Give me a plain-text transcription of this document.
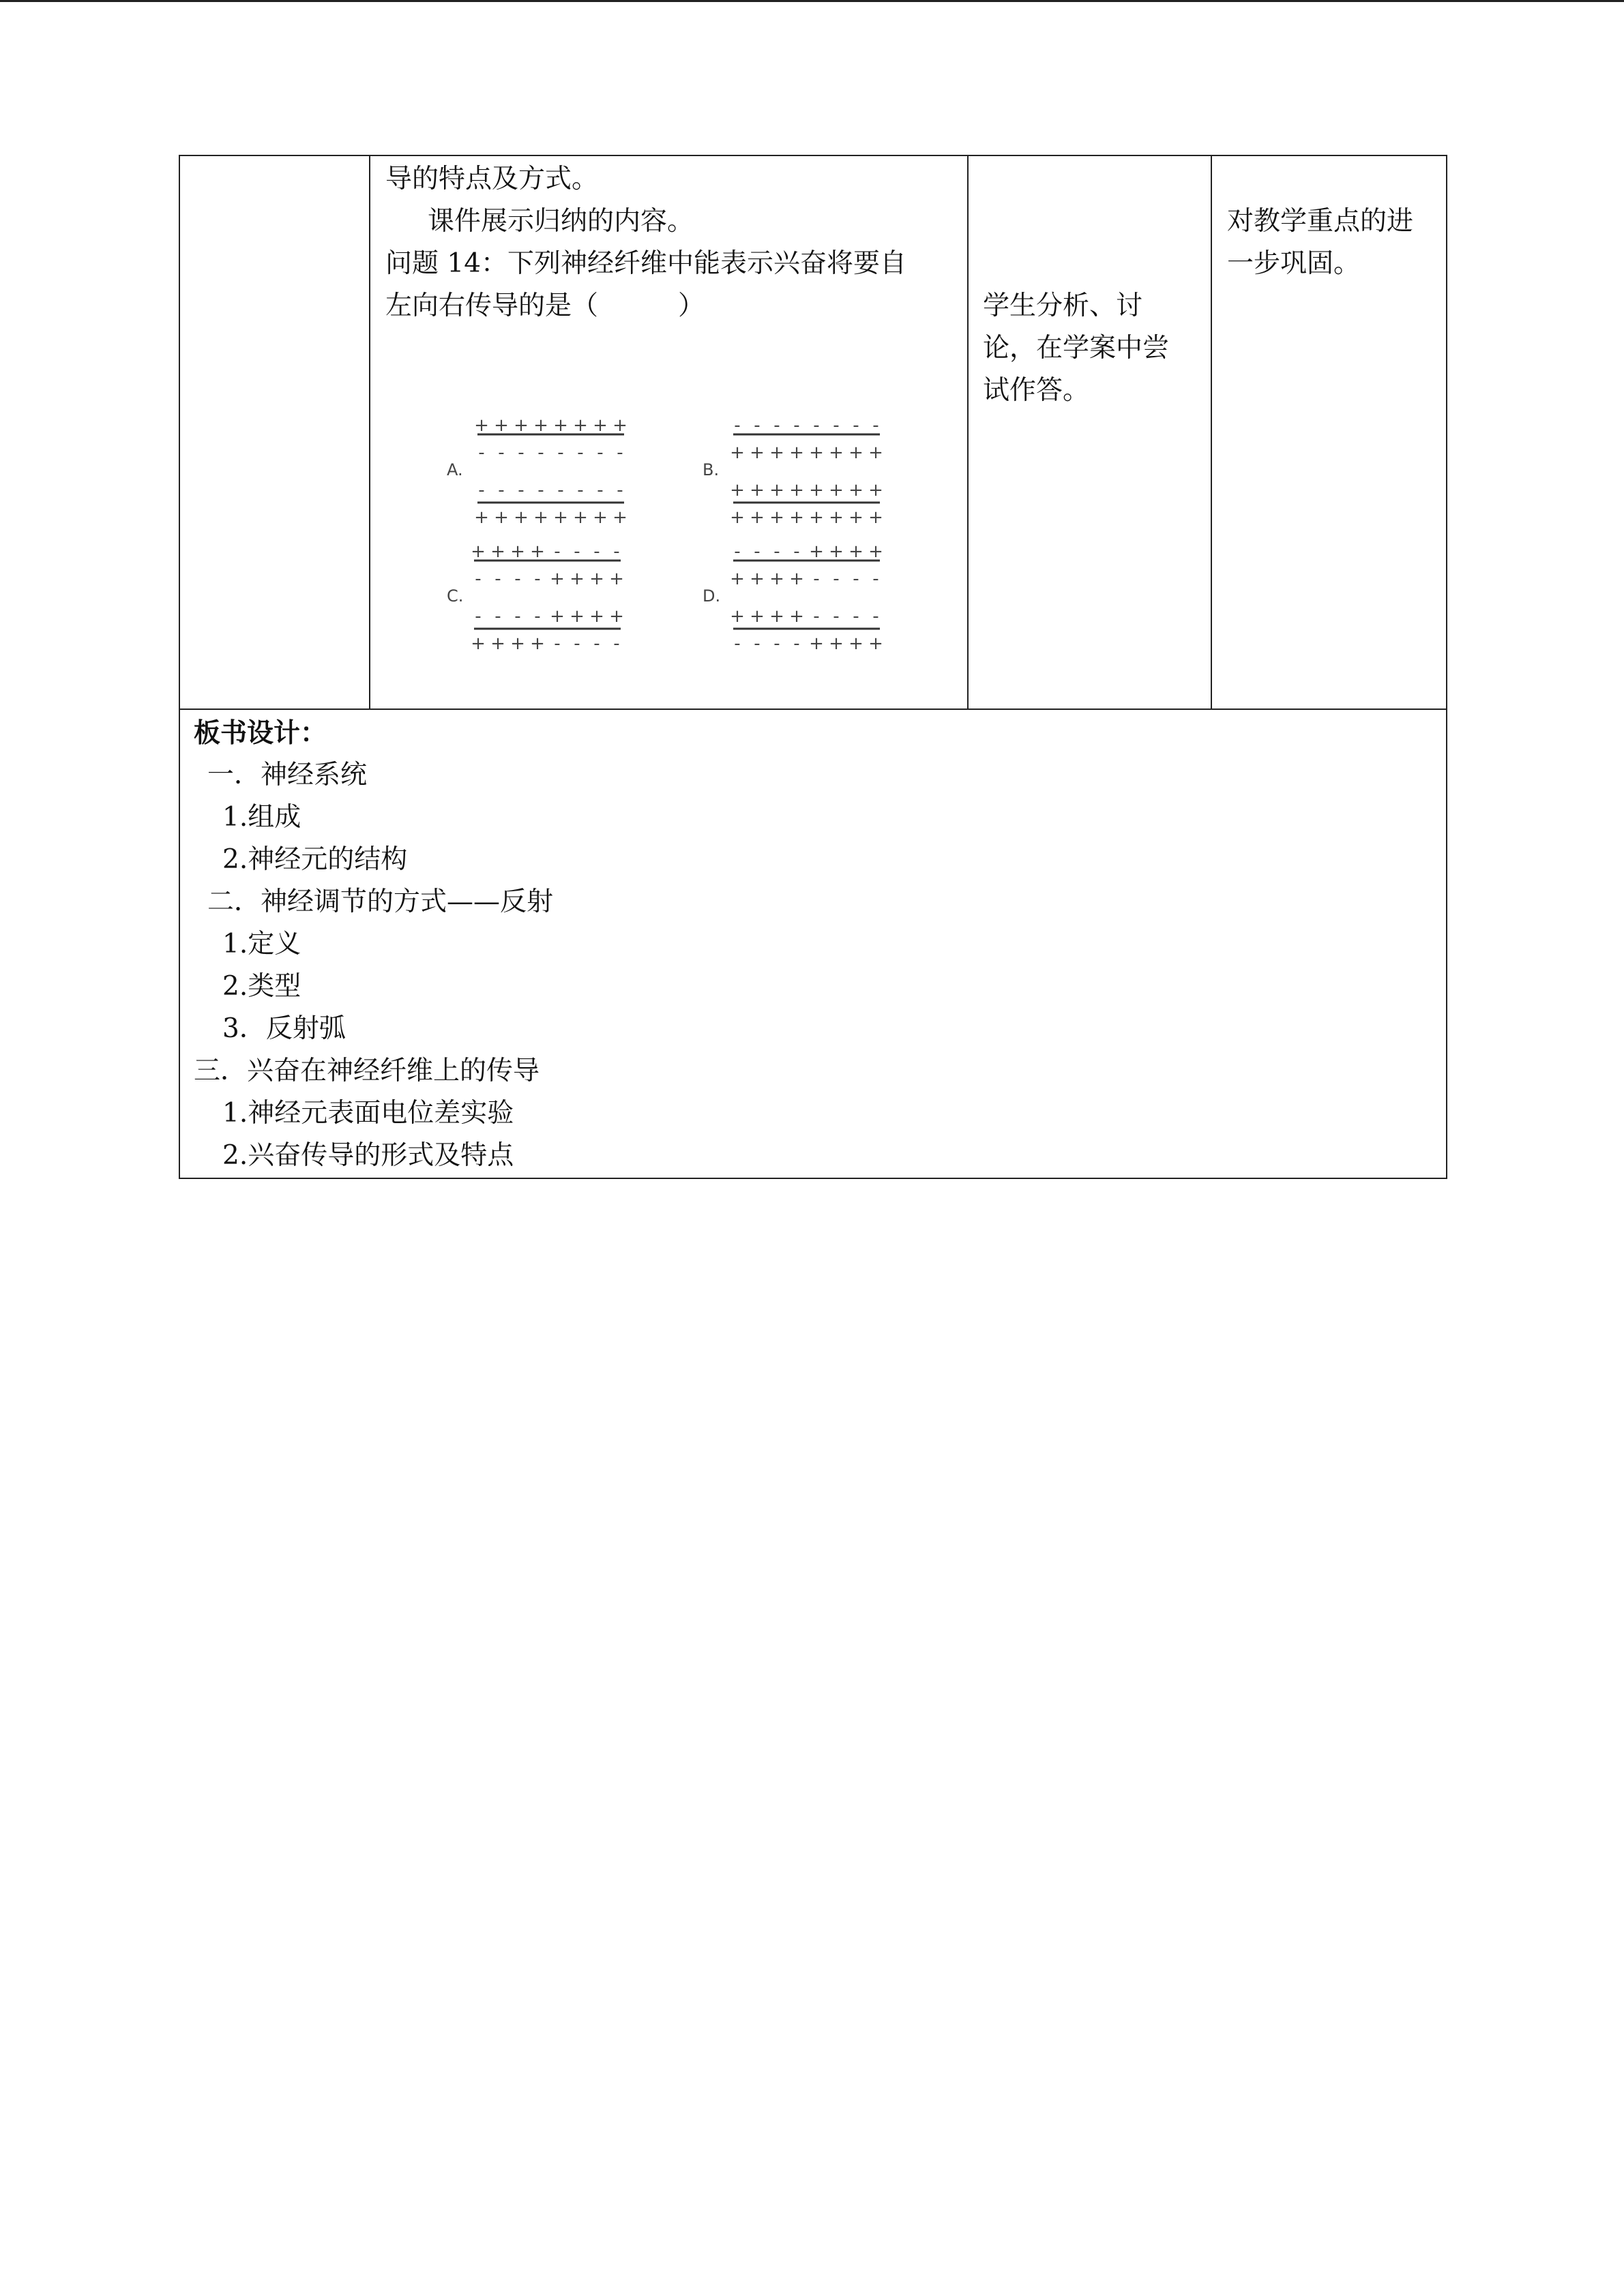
导的特点及方式。
课件展示归纳的内容。
问题 14：下列神经纤维中能表示兴奋将要自
左向右传导的是（　　　）
+ + + + + + + +
- - - - - - - -
- - - - - - - -
+ + + + + + + +
A.
- - - - - - - -
+ + + + + + + +
+ + + + + + + +
+ + + + + + + +
B.
+ + + + - - - -
- - - - + + + +
- - - - + + + +
+ + + + - - - -
C.
- - - - + + + +
+ + + + - - - -
+ + + + - - - -
- - - - + + + +
D.
学生分析、讨
论，在学案中尝
试作答。
对教学重点的进
一步巩固。
板书设计：
一．神经系统
1.组成
2.神经元的结构
二．神经调节的方式——反射
1.定义
2.类型
3．反射弧
三．兴奋在神经纤维上的传导
1.神经元表面电位差实验
2.兴奋传导的形式及特点
